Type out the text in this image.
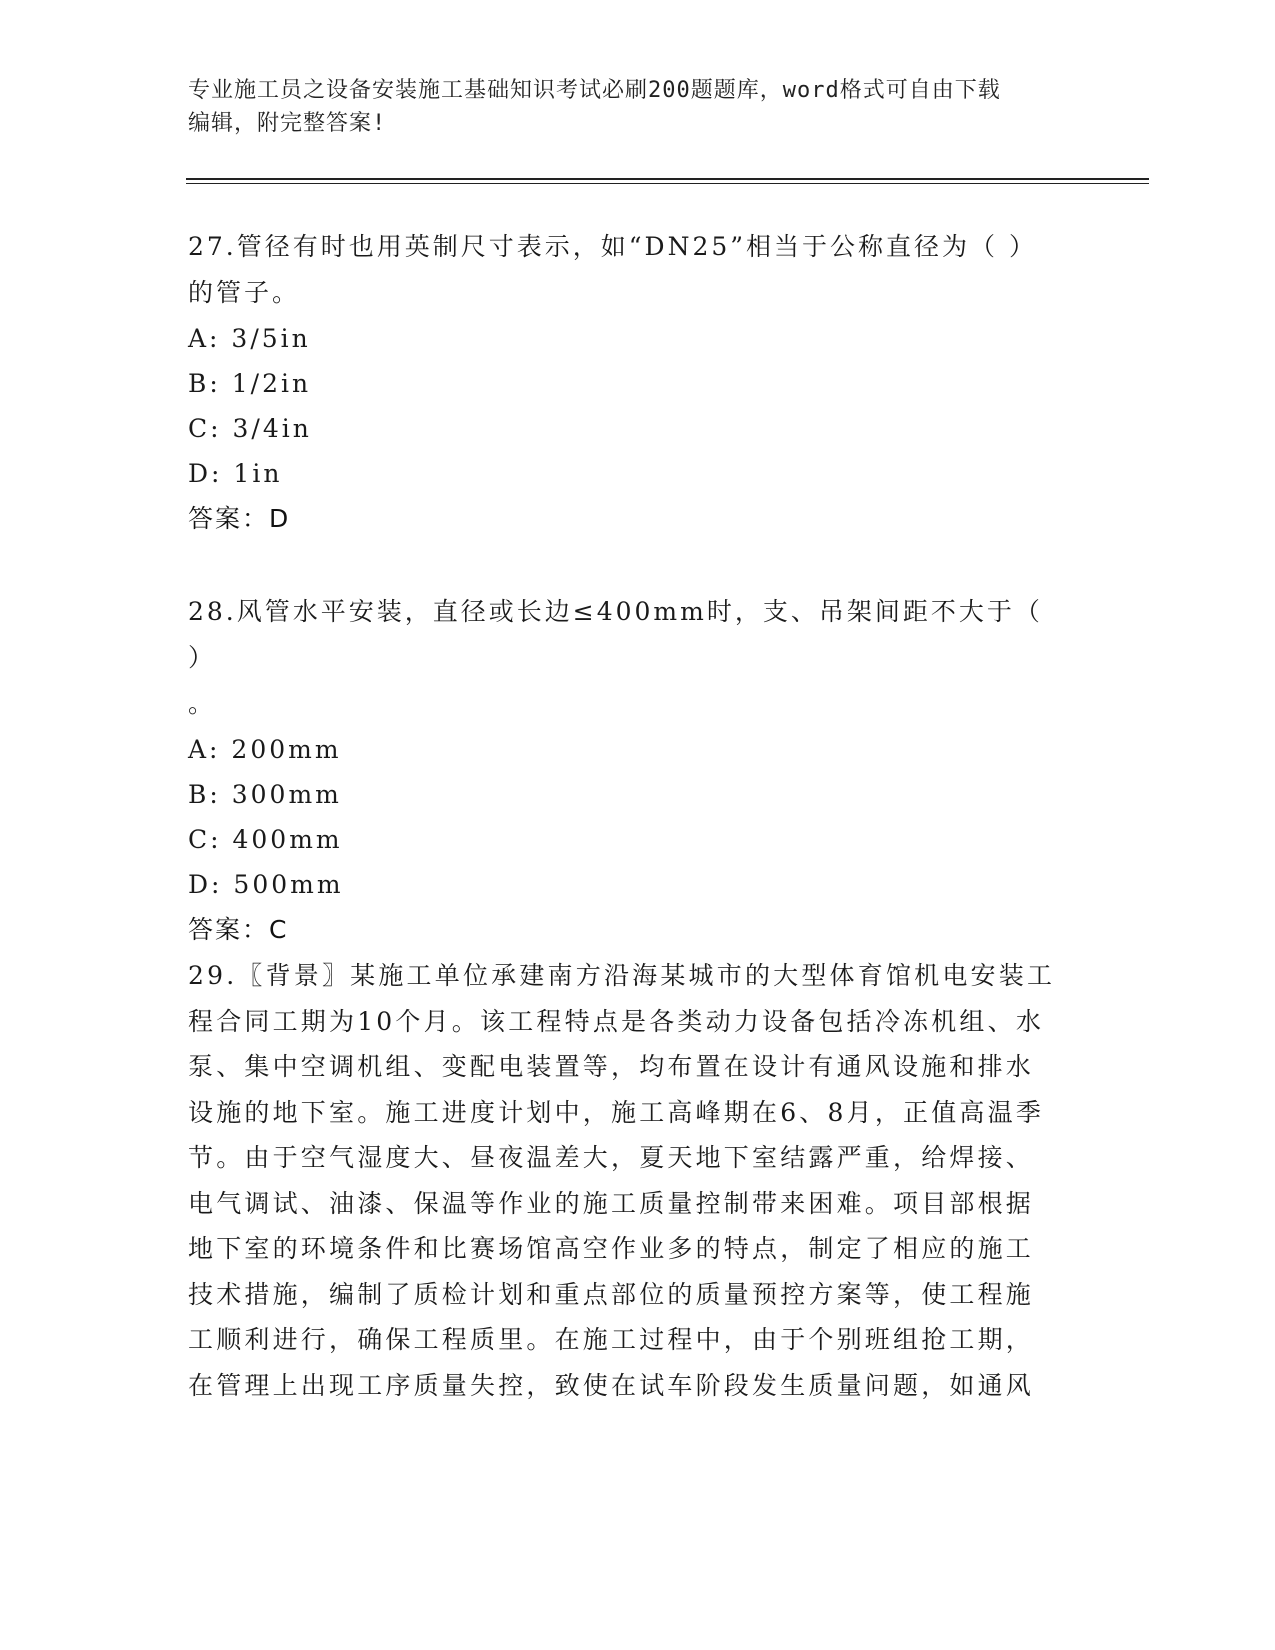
专业施工员之设备安装施工基础知识考试必刷200题题库，word格式可自由下载
编辑，附完整答案!
27.管径有时也用英制尺寸表示，如“DN25”相当于公称直径为（ ）
的管子。
A: 3/5in
B: 1/2in
C: 3/4in
D: 1in
答案：D
28.风管水平安装，直径或长边≤400mm时，支、吊架间距不大于（ ）
。
A: 200mm
B: 300mm
C: 400mm
D: 500mm
答案：C
29.〖背景〗某施工单位承建南方沿海某城市的大型体育馆机电安装工
程合同工期为10个月。该工程特点是各类动力设备包括冷冻机组、水
泵、集中空调机组、变配电装置等，均布置在设计有通风设施和排水
设施的地下室。施工进度计划中，施工高峰期在6、8月，正值高温季
节。由于空气湿度大、昼夜温差大，夏天地下室结露严重，给焊接、
电气调试、油漆、保温等作业的施工质量控制带来困难。项目部根据
地下室的环境条件和比赛场馆高空作业多的特点，制定了相应的施工
技术措施，编制了质检计划和重点部位的质量预控方案等，使工程施
工顺利进行，确保工程质里。在施工过程中，由于个别班组抢工期，
在管理上出现工序质量失控，致使在试车阶段发生质量问题，如通风
